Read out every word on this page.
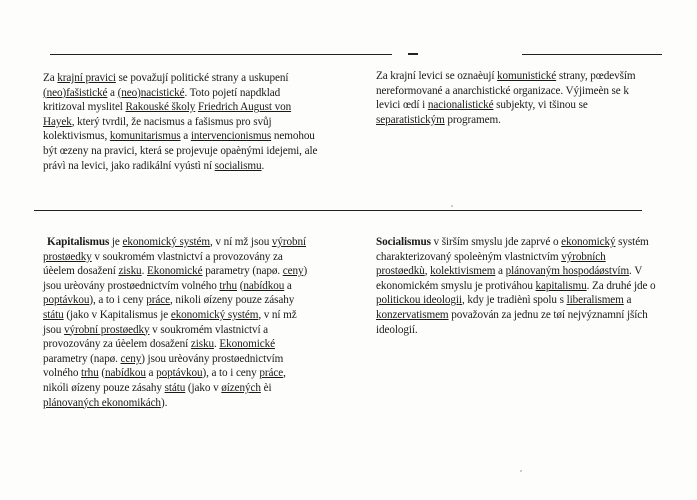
Za krajní pravici se považují politické strany a uskupení (neo)fašistické a (neo)nacistické. Toto pojetí napdklad kritizoval myslitel Rakouské školy Friedrich August von Hayek, který tvrdil, že nacismus a fašismus pro svůj kolektivismus, komunitarismus a intervencionismus nemohou být œzeny na pravici, která se projevuje opaènými idejemi, ale právì na levici, jako radikální vyústì ní socialismu.

Za krajní levici se oznaèují komunistické strany, pœdevším nereformované a anarchistické organizace. Výjimeèn se k levici œdí i nacionalistické subjekty, vi tšinou se separatistickým programem.

Kapitalismus je ekonomický systém, v ní mž jsou výrobní prostøedky v soukromém vlastnictví a provozovány za úèelem dosažení zisku. Ekonomické parametry (napø. ceny) jsou urèovány prostøednictvím volného trhu (nabídkou a poptávkou), a to i ceny práce, nikoli øízeny pouze zásahy státu (jako v Kapitalismus je ekonomický systém, v ní mž jsou výrobní prostøedky v soukromém vlastnictví a provozovány za úèelem dosažení zisku. Ekonomické parametry (napø. ceny) jsou urèovány prostøednictvím volného trhu (nabídkou a poptávkou), a to i ceny práce, nikoli øízeny pouze zásahy státu (jako v øízených èi plánovaných ekonomikách).

Socialismus v širším smyslu jde zaprvé o ekonomický systém charakterizovaný spoleèným vlastnictvím výrobních prostøedkù, kolektivismem a plánovaným hospodáøstvím. V ekonomickém smyslu je protiváhou kapitalismu. Za druhé jde o politickou ideologii, kdy je tradiènì spolu s liberalismem a konzervatismem považován za jednu ze tøí nejvýznamní jších ideologií.
